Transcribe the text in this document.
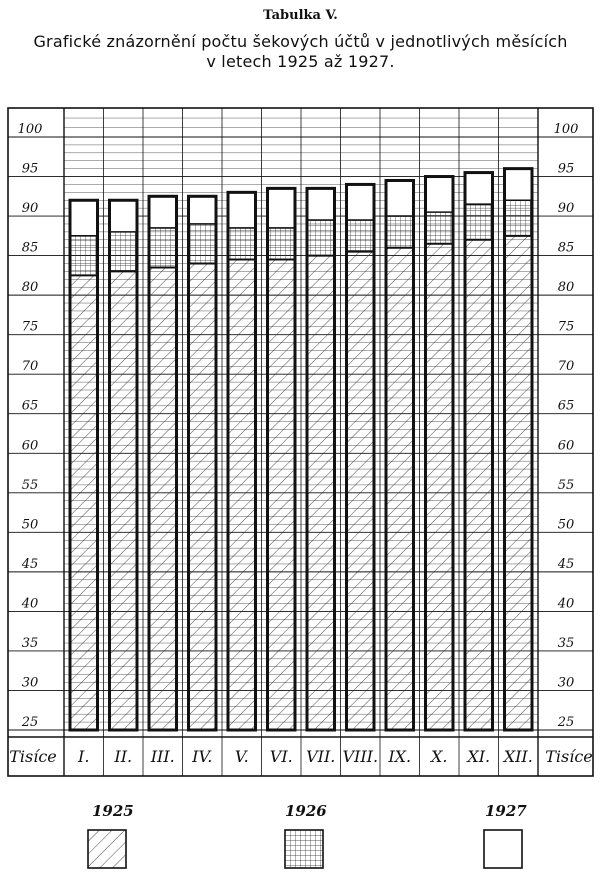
Tabulka V.
Grafické znázornění počtu šekových účtů v jednotlivých měsících
v letech 1925 až 1927.
100
95
90
85
80
75
70
65
60
55
50
45
40
35
30
25
100
95
90
85
80
75
70
65
60
55
50
45
40
35
30
25
Tisíce	Tisíce
I. II. III. IV. V. VI. VII. VIII. IX. X. XI. XII.
1925	1926	1927
